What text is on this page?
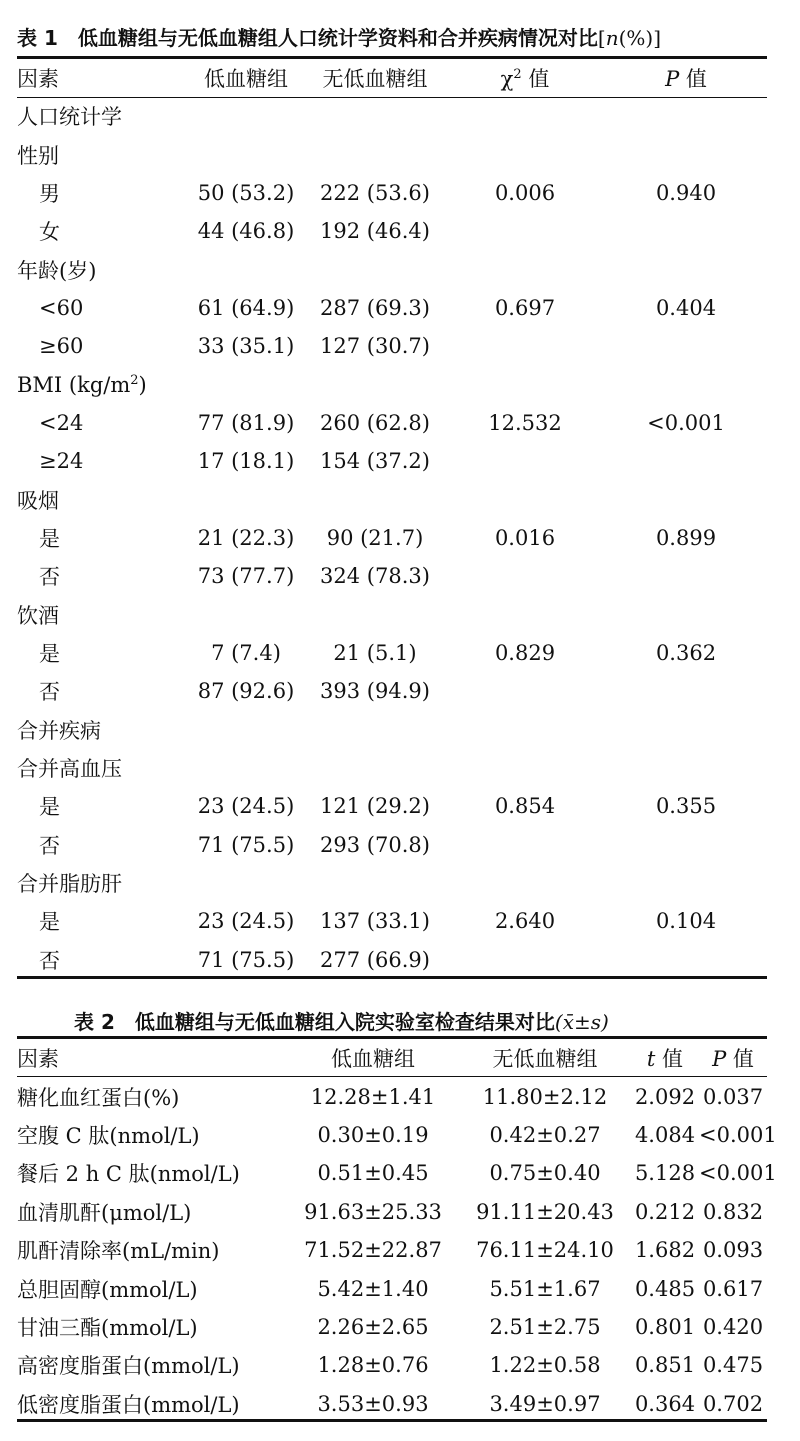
表 1　低血糖组与无低血糖组人口统计学资料和合并疾病情况对比[n(%)]
因素	低血糖组	无低血糖组	$\chi^2$ 值	P 值
人口统计学				
性别				
男	50 (53.2)	222 (53.6)	0.006	0.940
女	44 (46.8)	192 (46.4)		
年龄(岁)				
<60	61 (64.9)	287 (69.3)	0.697	0.404
≥60	33 (35.1)	127 (30.7)		
BMI $(kg/m^2)$				
<24	77 (81.9)	260 (62.8)	12.532	<0.001
≥24	17 (18.1)	154 (37.2)		
吸烟				
是	21 (22.3)	90 (21.7)	0.016	0.899
否	73 (77.7)	324 (78.3)		
饮酒				
是	7 (7.4)	21 (5.1)	0.829	0.362
否	87 (92.6)	393 (94.9)		
合并疾病				
合并高血压				
是	23 (24.5)	121 (29.2)	0.854	0.355
否	71 (75.5)	293 (70.8)		
合并脂肪肝				
是	23 (24.5)	137 (33.1)	2.640	0.104
否	71 (75.5)	277 (66.9)		
表 2　低血糖组与无低血糖组入院实验室检查结果对比(x̄±s)
因素	低血糖组	无低血糖组	t 值	P 值
糖化血红蛋白(%)	12.28±1.41	11.80±2.12	2.092	0.037
空腹 C 肽(nmol/L)	0.30±0.19	0.42±0.27	4.084	<0.001
餐后 2 h C 肽(nmol/L)	0.51±0.45	0.75±0.40	5.128	<0.001
血清肌酐(μmol/L)	91.63±25.33	91.11±20.43	0.212	0.832
肌酐清除率(mL/min)	71.52±22.87	76.11±24.10	1.682	0.093
总胆固醇(mmol/L)	5.42±1.40	5.51±1.67	0.485	0.617
甘油三酯(mmol/L)	2.26±2.65	2.51±2.75	0.801	0.420
高密度脂蛋白(mmol/L)	1.28±0.76	1.22±0.58	0.851	0.475
低密度脂蛋白(mmol/L)	3.53±0.93	3.49±0.97	0.364	0.702
